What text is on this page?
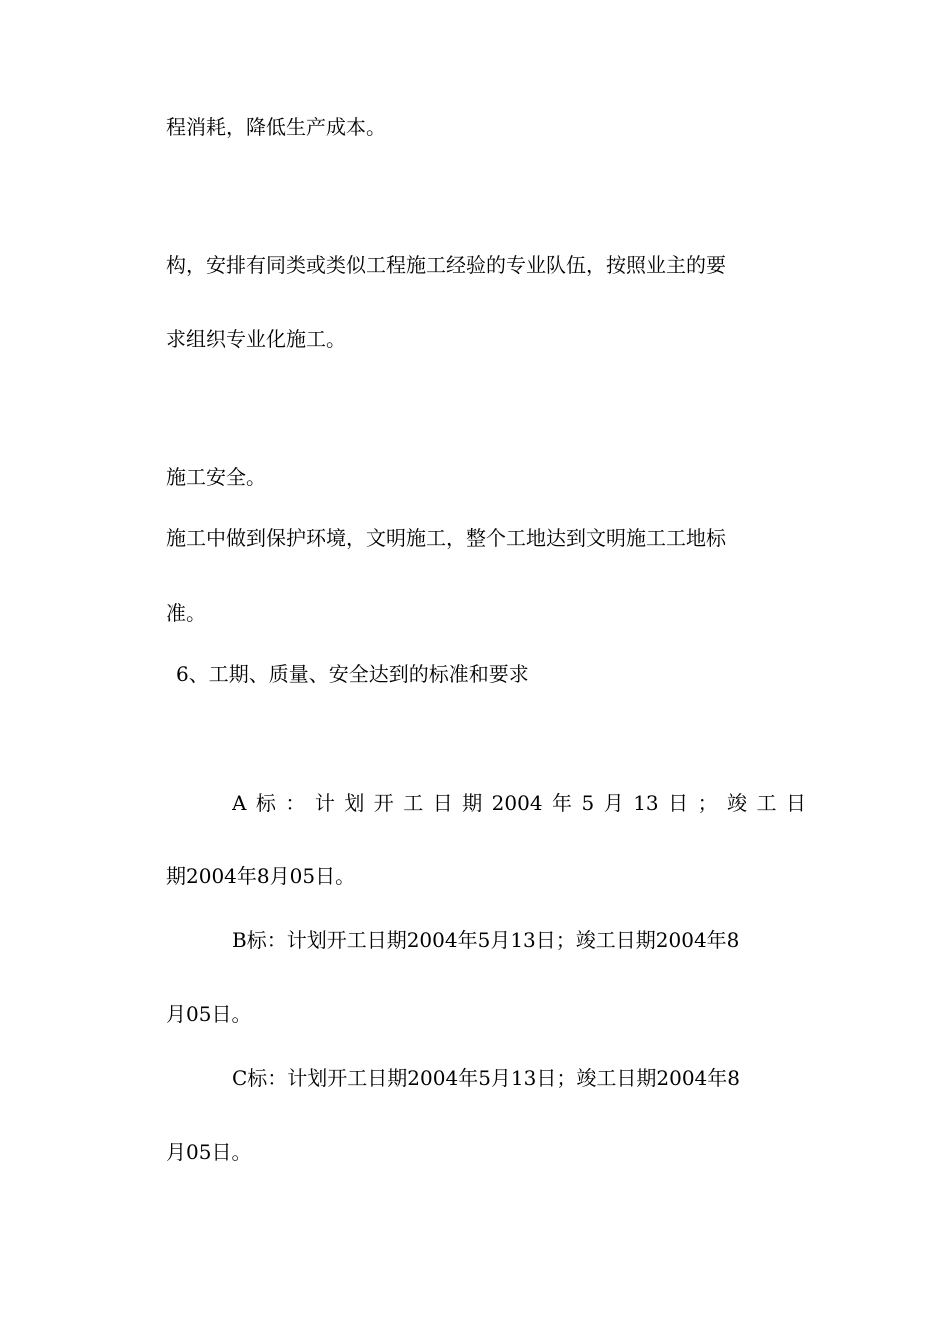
程消耗，降低生产成本。
构，安排有同类或类似工程施工经验的专业队伍，按照业主的要
求组织专业化施工。
施工安全。
施工中做到保护环境，文明施工，整个工地达到文明施工工地标
准。
6、工期、质量、安全达到的标准和要求
A 标 ： 计 划 开 工 日 期 2004 年 5 月 13 日 ； 竣 工 日
期2004年8月05日。
B标：计划开工日期2004年5月13日；竣工日期2004年8
月05日。
C标：计划开工日期2004年5月13日；竣工日期2004年8
月05日。
